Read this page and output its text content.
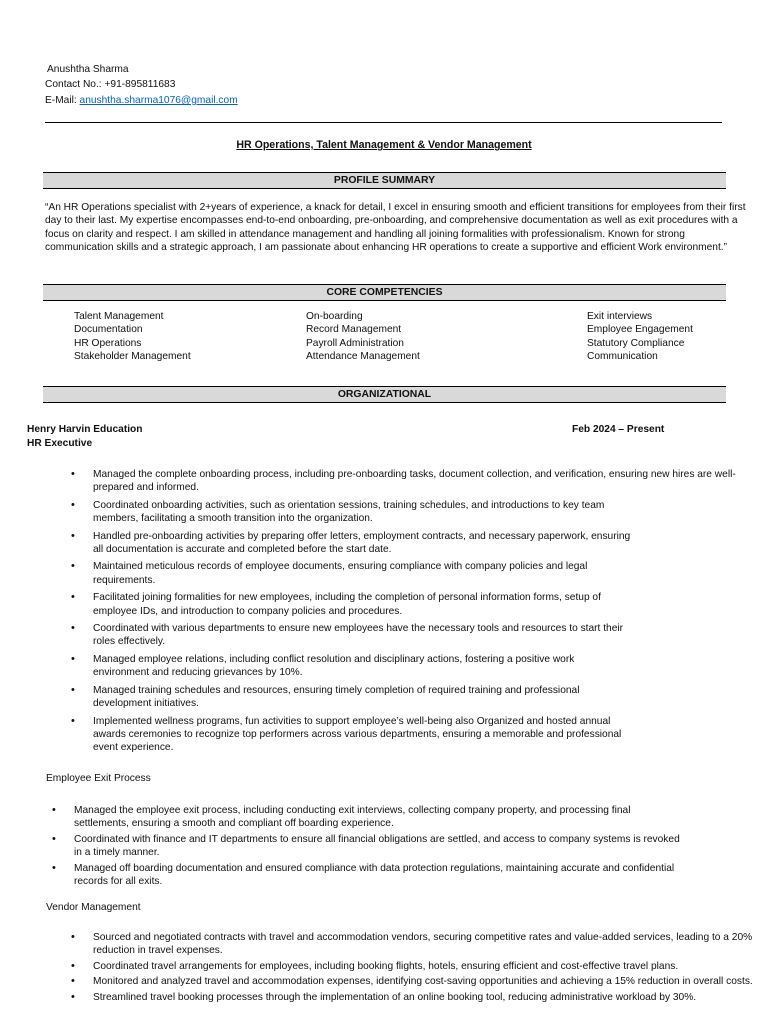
Anushtha Sharma
Contact No.: +91-895811683
E-Mail: anushtha.sharma1076@gmail.com
HR Operations, Talent Management & Vendor Management
PROFILE SUMMARY
“An HR Operations specialist with 2+years of experience, a knack for detail, I excel in ensuring smooth and efficient transitions for employees from their first day to their last. My expertise encompasses end-to-end onboarding, pre-onboarding, and comprehensive documentation as well as exit procedures with a focus on clarity and respect. I am skilled in attendance management and handling all joining formalities with professionalism. Known for strong communication skills and a strategic approach, I am passionate about enhancing HR operations to create a supportive and efficient Work environment.”
CORE COMPETENCIES
Talent Management
Documentation
HR Operations
Stakeholder Management
On-boarding
Record Management
Payroll Administration
Attendance Management
Exit interviews
Employee Engagement
Statutory Compliance
Communication
ORGANIZATIONAL
Henry Harvin Education
HR Executive
Feb 2024 – Present
• Managed the complete onboarding process, including pre-onboarding tasks, document collection, and verification, ensuring new hires are well-prepared and informed.
• Coordinated onboarding activities, such as orientation sessions, training schedules, and introductions to key team members, facilitating a smooth transition into the organization.
• Handled pre-onboarding activities by preparing offer letters, employment contracts, and necessary paperwork, ensuring all documentation is accurate and completed before the start date.
• Maintained meticulous records of employee documents, ensuring compliance with company policies and legal requirements.
• Facilitated joining formalities for new employees, including the completion of personal information forms, setup of employee IDs, and introduction to company policies and procedures.
• Coordinated with various departments to ensure new employees have the necessary tools and resources to start their roles effectively.
• Managed employee relations, including conflict resolution and disciplinary actions, fostering a positive work environment and reducing grievances by 10%.
• Managed training schedules and resources, ensuring timely completion of required training and professional development initiatives.
• Implemented wellness programs, fun activities to support employee’s well-being also Organized and hosted annual awards ceremonies to recognize top performers across various departments, ensuring a memorable and professional event experience.
Employee Exit Process
• Managed the employee exit process, including conducting exit interviews, collecting company property, and processing final settlements, ensuring a smooth and compliant off boarding experience.
• Coordinated with finance and IT departments to ensure all financial obligations are settled, and access to company systems is revoked in a timely manner.
• Managed off boarding documentation and ensured compliance with data protection regulations, maintaining accurate and confidential records for all exits.
Vendor Management
• Sourced and negotiated contracts with travel and accommodation vendors, securing competitive rates and value-added services, leading to a 20% reduction in travel expenses.
• Coordinated travel arrangements for employees, including booking flights, hotels, ensuring efficient and cost-effective travel plans.
• Monitored and analyzed travel and accommodation expenses, identifying cost-saving opportunities and achieving a 15% reduction in overall costs.
• Streamlined travel booking processes through the implementation of an online booking tool, reducing administrative workload by 30%.
